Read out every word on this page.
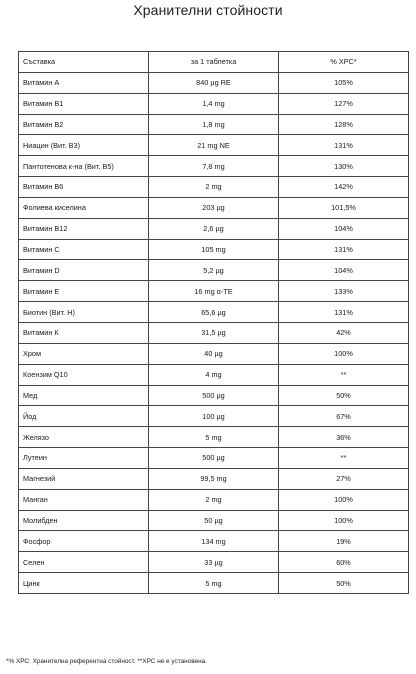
Хранителни стойности
Съставка	за 1 таблетка	% ХРС*
Витамин А	840 µg RE	105%
Витамин В1	1,4 mg	127%
Витамин В2	1,8 mg	128%
Ниацин (Вит. В3)	21 mg NE	131%
Пантотенова к-на (Вит. В5)	7,8 mg	130%
Витамин В6	2 mg	142%
Фолиева киселина	203 µg	101,5%
Витамин В12	2,6 µg	104%
Витамин С	105 mg	131%
Витамин D	5,2 µg	104%
Витамин Е	16 mg α-TE	133%
Биотин (Вит. Н)	65,6 µg	131%
Витамин К	31,5 µg	42%
Хром	40 µg	100%
Коензим Q10	4 mg	**
Мед	500 µg	50%
Йод	100 µg	67%
Желязо	5 mg	36%
Лутеин	500 µg	**
Магнезий	99,5 mg	27%
Манган	2 mg	100%
Молибден	50 µg	100%
Фосфор	134 mg	19%
Селен	33 µg	60%
Цинк	5 mg	50%
*% ХРС: Хранителна референтна стойност. **ХРС не е установена.
